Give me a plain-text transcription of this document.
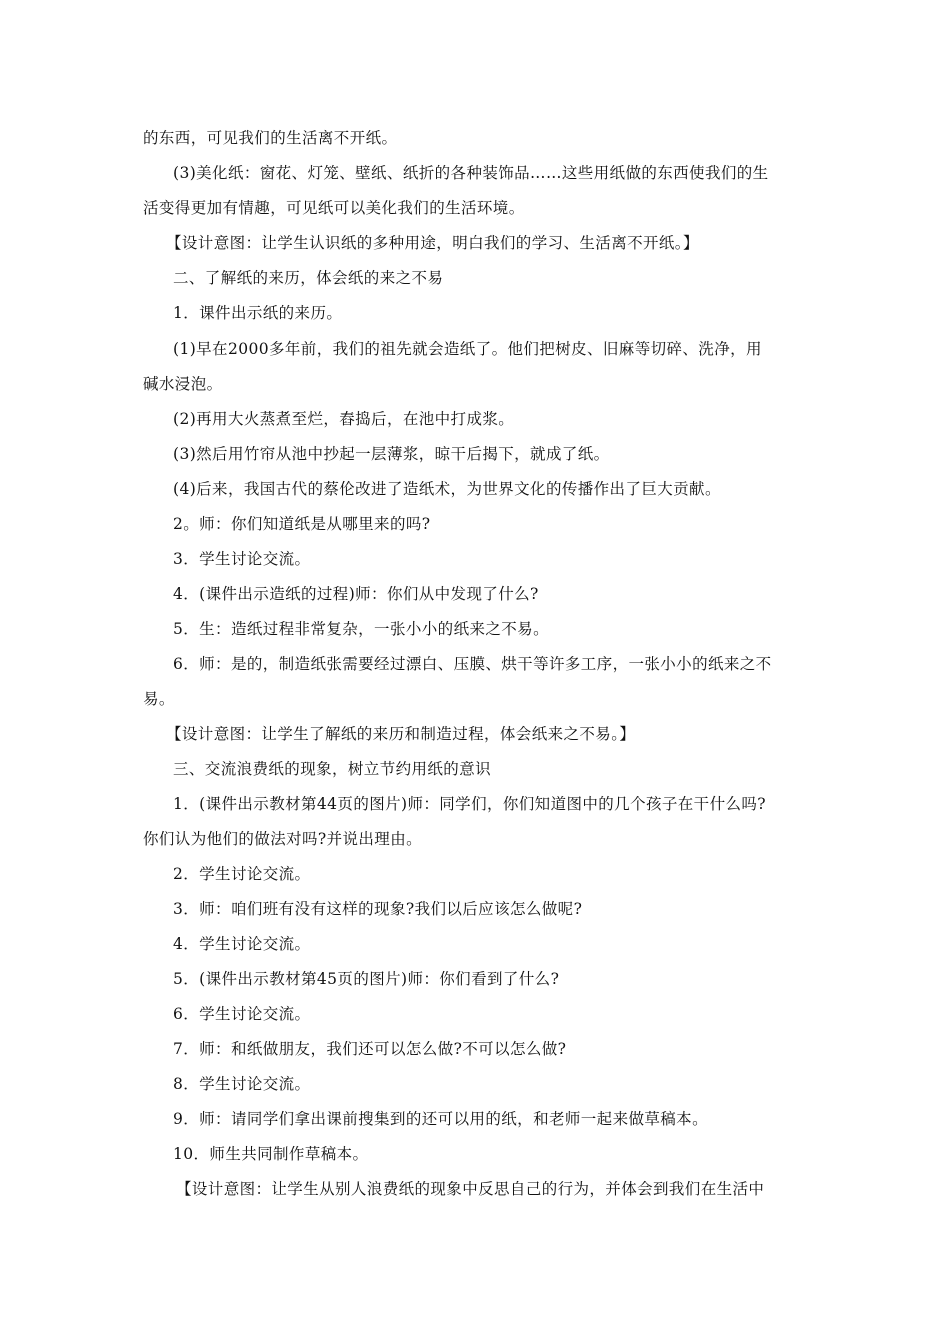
的东西，可见我们的生活离不开纸。
(3)美化纸：窗花、灯笼、壁纸、纸折的各种装饰品……这些用纸做的东西使我们的生
活变得更加有情趣，可见纸可以美化我们的生活环境。
【设计意图：让学生认识纸的多种用途，明白我们的学习、生活离不开纸。】
二、了解纸的来历，体会纸的来之不易
1．课件出示纸的来历。
(1)早在2000多年前，我们的祖先就会造纸了。他们把树皮、旧麻等切碎、洗净，用
碱水浸泡。
(2)再用大火蒸煮至烂，舂捣后，在池中打成浆。
(3)然后用竹帘从池中抄起一层薄浆，晾干后揭下，就成了纸。
(4)后来，我国古代的蔡伦改进了造纸术，为世界文化的传播作出了巨大贡献。
2。师：你们知道纸是从哪里来的吗?
3．学生讨论交流。
4．(课件出示造纸的过程)师：你们从中发现了什么?
5．生：造纸过程非常复杂，一张小小的纸来之不易。
6．师：是的，制造纸张需要经过漂白、压膜、烘干等许多工序，一张小小的纸来之不
易。
【设计意图：让学生了解纸的来历和制造过程，体会纸来之不易。】
三、交流浪费纸的现象，树立节约用纸的意识
1．(课件出示教材第44页的图片)师：同学们，你们知道图中的几个孩子在干什么吗?
你们认为他们的做法对吗?并说出理由。
2．学生讨论交流。
3．师：咱们班有没有这样的现象?我们以后应该怎么做呢?
4．学生讨论交流。
5．(课件出示教材第45页的图片)师：你们看到了什么?
6．学生讨论交流。
7．师：和纸做朋友，我们还可以怎么做?不可以怎么做?
8．学生讨论交流。
9．师：请同学们拿出课前搜集到的还可以用的纸，和老师一起来做草稿本。
10．师生共同制作草稿本。
【设计意图：让学生从别人浪费纸的现象中反思自己的行为，并体会到我们在生活中
